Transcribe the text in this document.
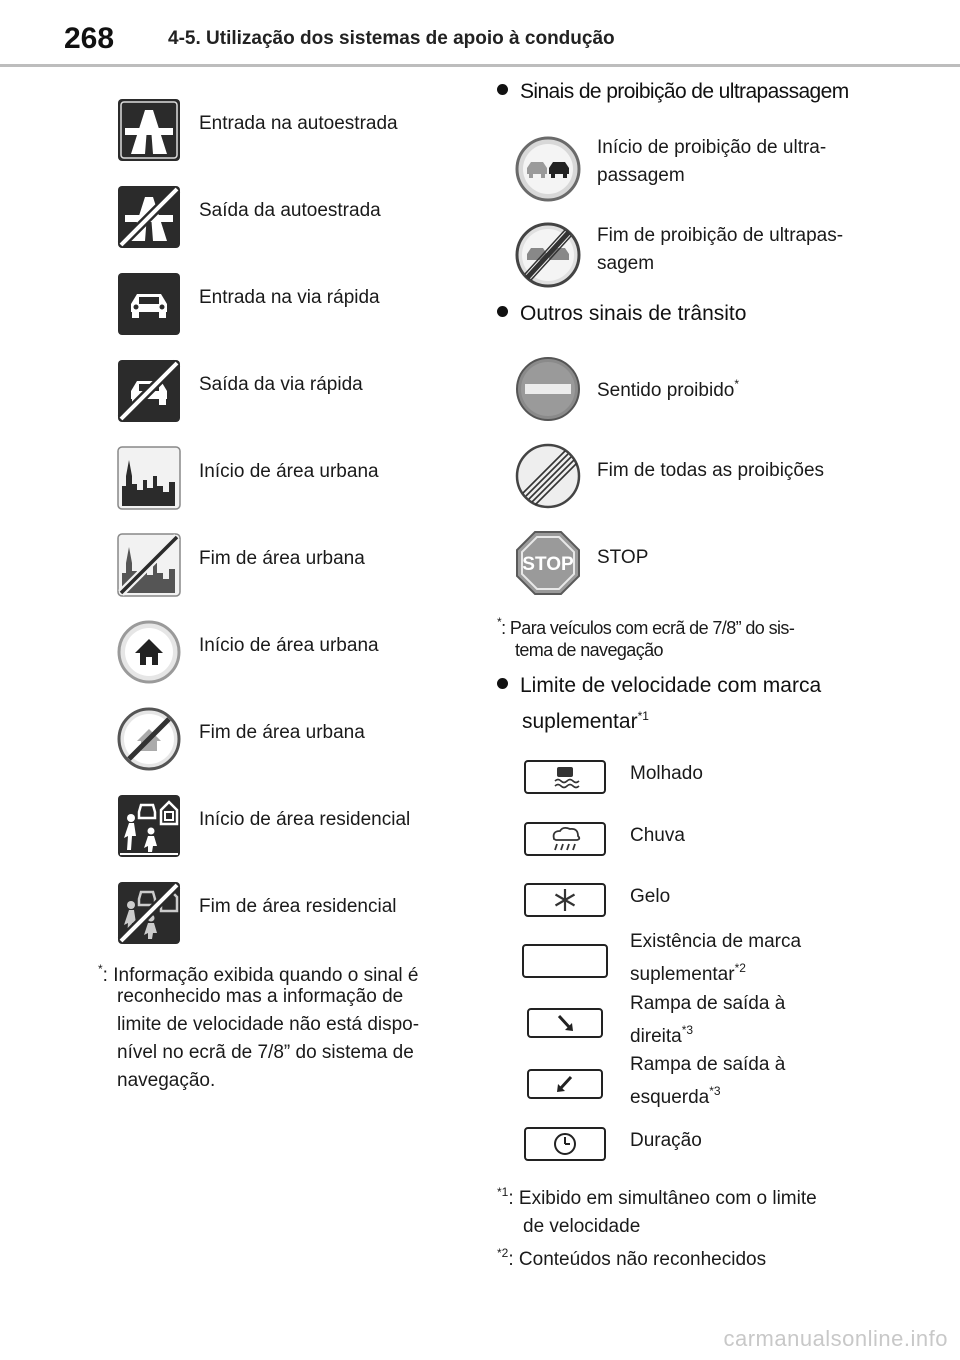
268	4-5. Utilização dos sistemas de apoio à condução
Entrada na autoestrada
Saída da autoestrada
Entrada na via rápida
Saída da via rápida
Início de área urbana
Fim de área urbana
Início de área urbana
Fim de área urbana
Início de área residencial
Fim de área residencial
*: Informação exibida quando o sinal é
reconhecido mas a informação de
limite de velocidade não está dispo-
nível no ecrã de 7/8” do sistema de
navegação.
Sinais de proibição de ultrapassagem
Início de proibição de ultra-
passagem
Fim de proibição de ultrapas-
sagem
Outros sinais de trânsito
Sentido proibido*
Fim de todas as proibições
STOP STOP
*: Para veículos com ecrã de 7/8” do sis-
tema de navegação
Limite de velocidade com marca
suplementar$^{*1}$
Molhado
Chuva
Gelo
Existência de marca
suplementar$^{*2}$
Rampa de saída à
direita$^{*3}$
Rampa de saída à
esquerda$^{*3}$
Duração
$^{*1}$: Exibido em simultâneo com o limite
de velocidade
$^{*2}$: Conteúdos não reconhecidos
carmanualsonline.info
